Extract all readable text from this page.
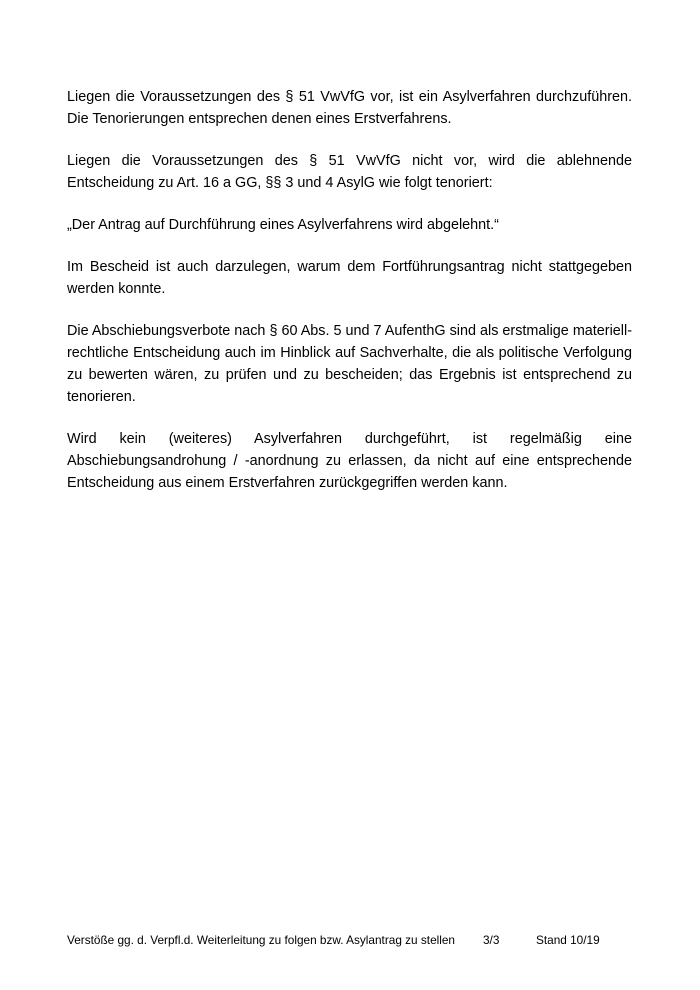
Liegen die Voraussetzungen des § 51 VwVfG vor, ist ein Asylverfahren durchzuführen. Die Tenorierungen entsprechen denen eines Erstverfahrens.

Liegen die Voraussetzungen des § 51 VwVfG nicht vor, wird die ablehnende Entscheidung zu Art. 16 a GG, §§ 3 und 4 AsylG wie folgt tenoriert:

„Der Antrag auf Durchführung eines Asylverfahrens wird abgelehnt.“

Im Bescheid ist auch darzulegen, warum dem Fortführungsantrag nicht stattgegeben werden konnte.

Die Abschiebungsverbote nach § 60 Abs. 5 und 7 AufenthG sind als erstmalige materiellrechtliche Entscheidung auch im Hinblick auf Sachverhalte, die als politische Verfolgung zu bewerten wären, zu prüfen und zu bescheiden; das Ergebnis ist entsprechend zu tenorieren.

Wird kein (weiteres) Asylverfahren durchgeführt, ist regelmäßig eine Abschiebungsandrohung / -anordnung zu erlassen, da nicht auf eine entsprechende Entscheidung aus einem Erstverfahren zurückgegriffen werden kann.

Verstöße gg. d. Verpfl.d. Weiterleitung zu folgen bzw. Asylantrag zu stellen 3/3	Stand 10/19
